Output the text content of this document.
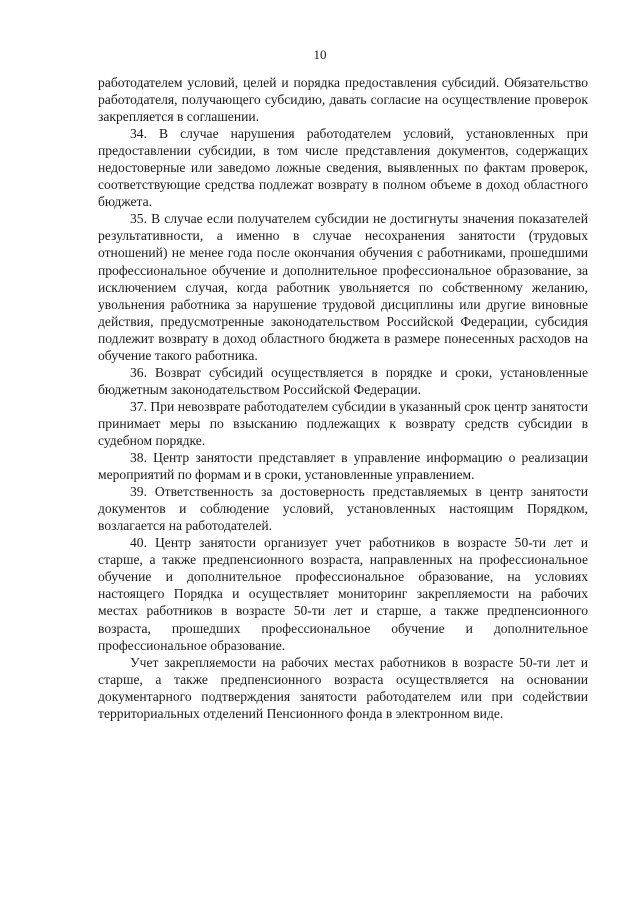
10

работодателем условий, целей и порядка предоставления субсидий. Обязательство работодателя, получающего субсидию, давать согласие на осуществление проверок закрепляется в соглашении.

34. В случае нарушения работодателем условий, установленных при предоставлении субсидии, в том числе представления документов, содержащих недостоверные или заведомо ложные сведения, выявленных по фактам проверок, соответствующие средства подлежат возврату в полном объеме в доход областного бюджета.

35. В случае если получателем субсидии не достигнуты значения показателей результативности, а именно в случае несохранения занятости (трудовых отношений) не менее года после окончания обучения с работниками, прошедшими профессиональное обучение и дополнительное профессиональное образование, за исключением случая, когда работник увольняется по собственному желанию, увольнения работника за нарушение трудовой дисциплины или другие виновные действия, предусмотренные законодательством Российской Федерации, субсидия подлежит возврату в доход областного бюджета в размере понесенных расходов на обучение такого работника.

36. Возврат субсидий осуществляется в порядке и сроки, установленные бюджетным законодательством Российской Федерации.

37. При невозврате работодателем субсидии в указанный срок центр занятости принимает меры по взысканию подлежащих к возврату средств субсидии в судебном порядке.

38. Центр занятости представляет в управление информацию о реализации мероприятий по формам и в сроки, установленные управлением.

39. Ответственность за достоверность представляемых в центр занятости документов и соблюдение условий, установленных настоящим Порядком, возлагается на работодателей.

40. Центр занятости организует учет работников в возрасте 50-ти лет и старше, а также предпенсионного возраста, направленных на профессиональное обучение и дополнительное профессиональное образование, на условиях настоящего Порядка и осуществляет мониторинг закрепляемости на рабочих местах работников в возрасте 50-ти лет и старше, а также предпенсионного возраста, прошедших профессиональное обучение и дополнительное профессиональное образование.

Учет закрепляемости на рабочих местах работников в возрасте 50-ти лет и старше, а также предпенсионного возраста осуществляется на основании документарного подтверждения занятости работодателем или при содействии территориальных отделений Пенсионного фонда в электронном виде.
